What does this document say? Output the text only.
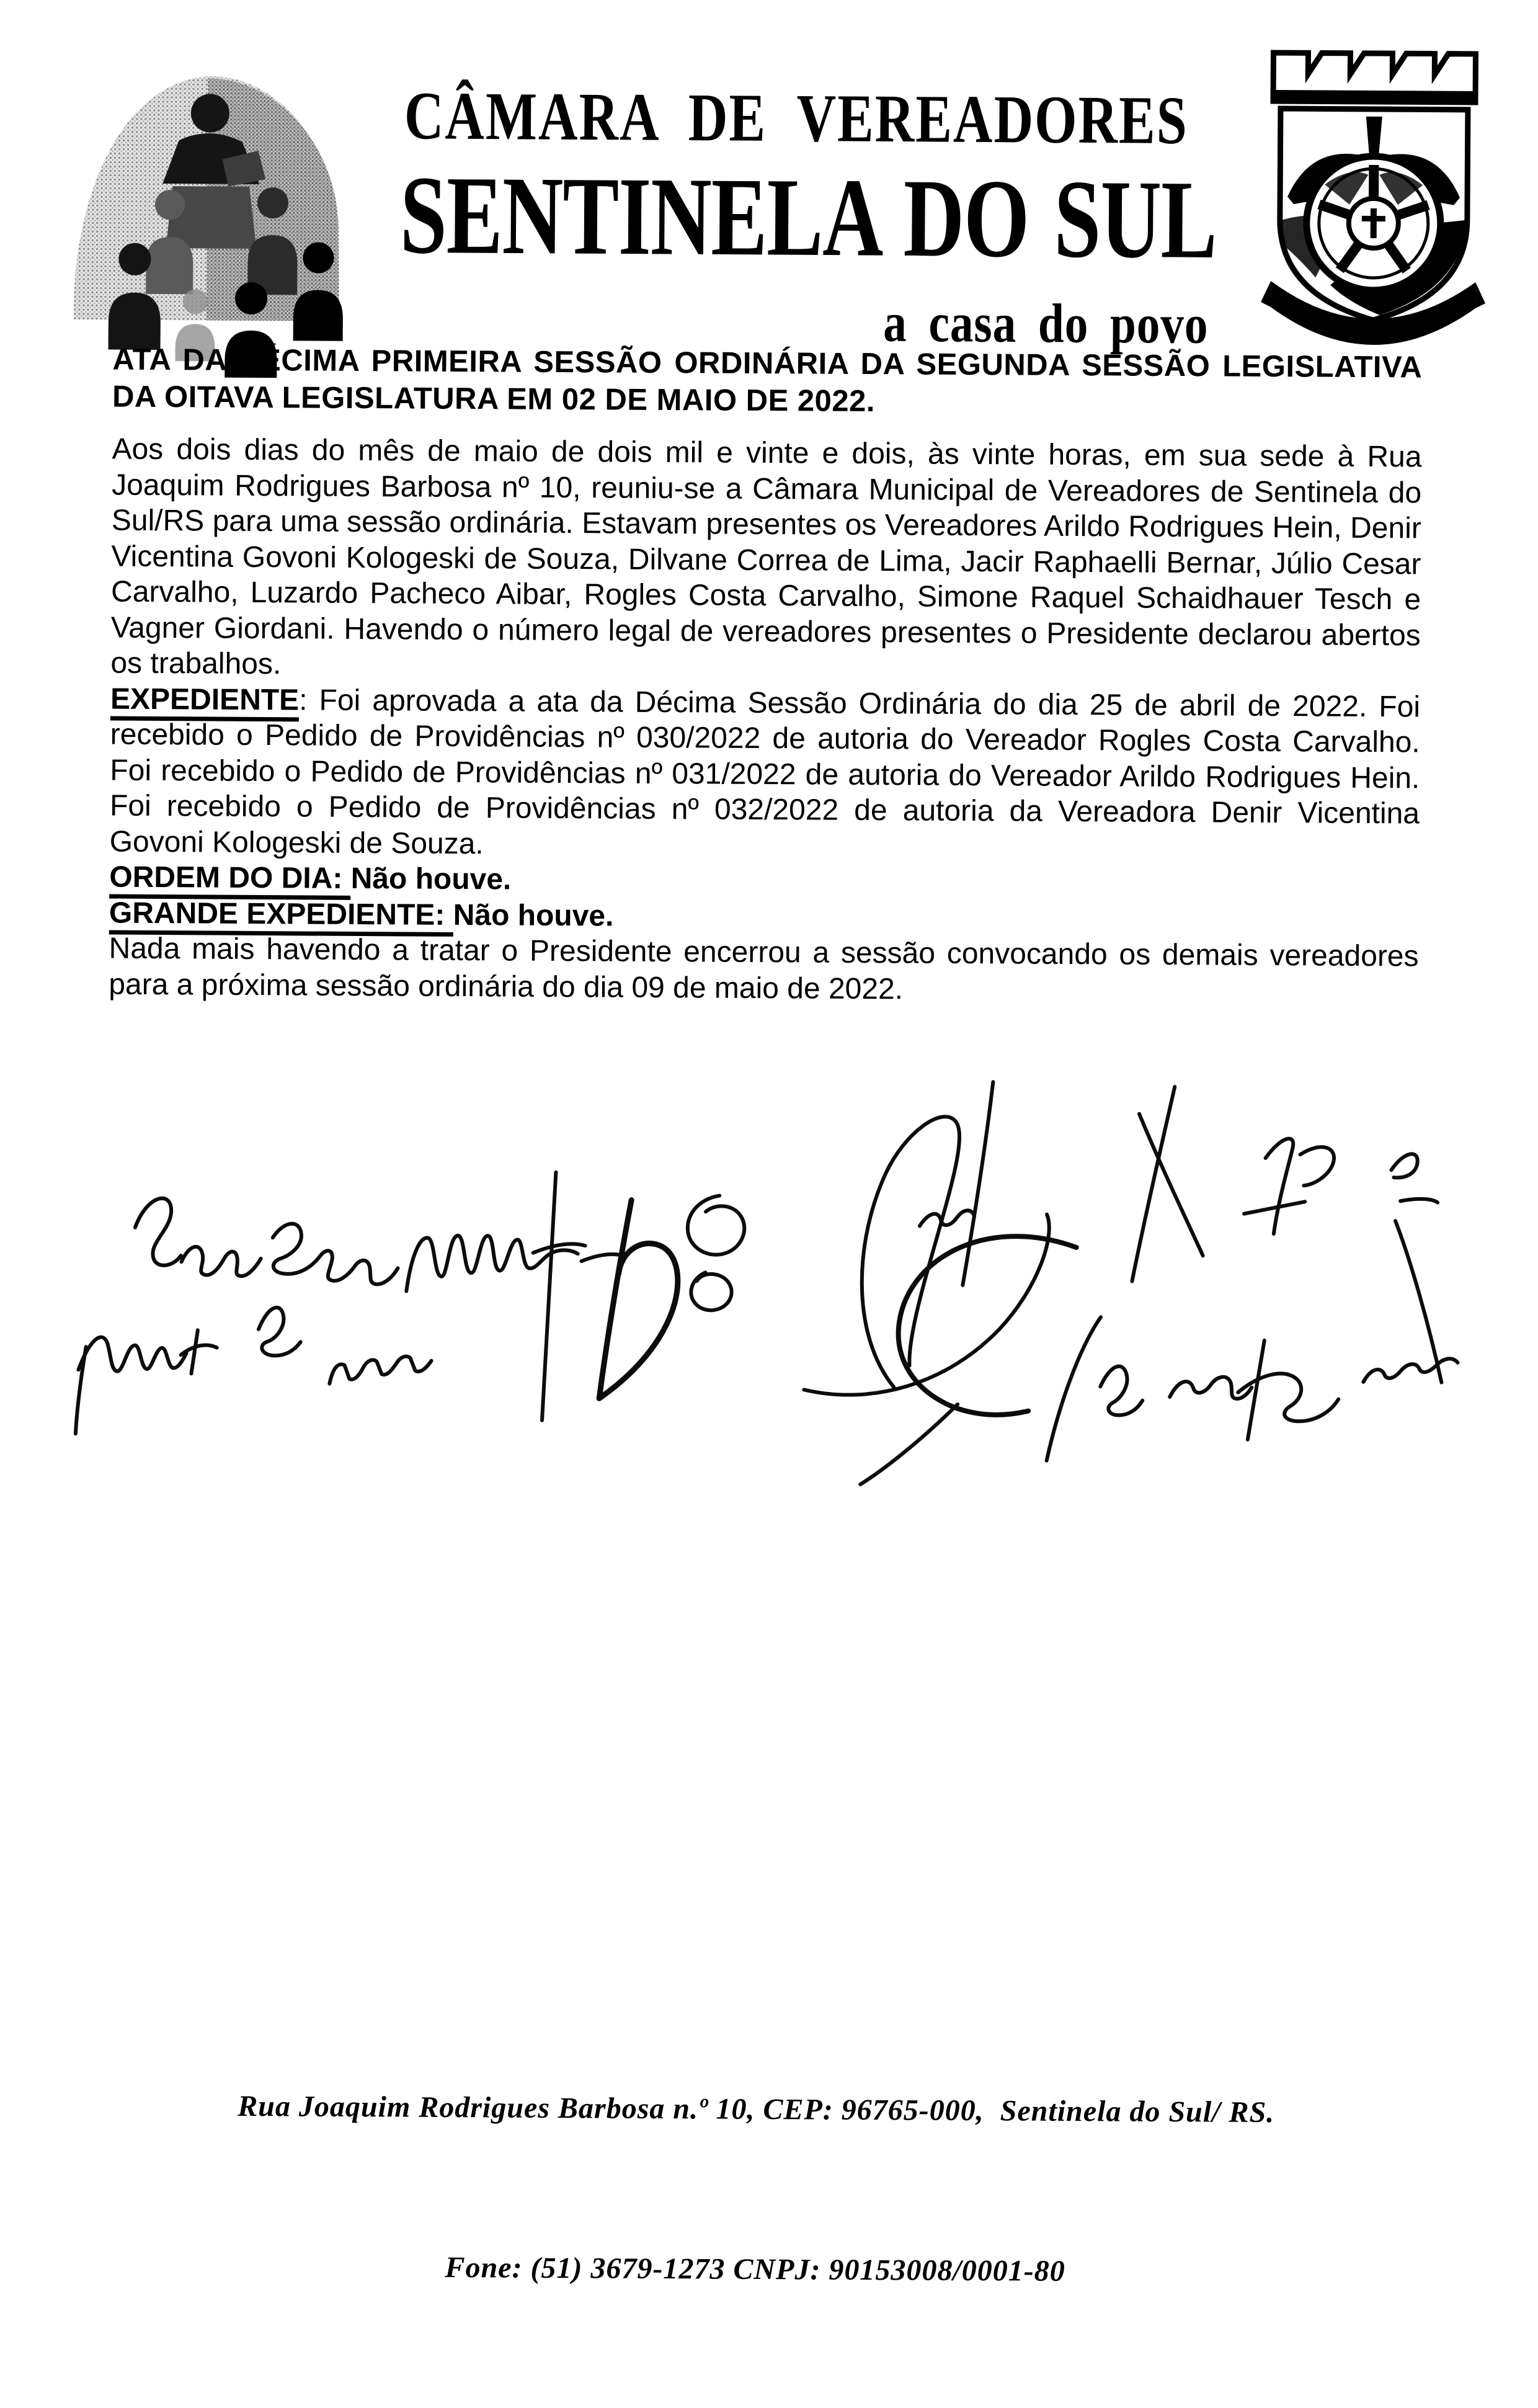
CÂMARA DE VEREADORES
SENTINELA DO SUL
a casa do povo

ATA DA DÉCIMA PRIMEIRA SESSÃO ORDINÁRIA DA SEGUNDA SESSÃO LEGISLATIVA DA OITAVA LEGISLATURA EM 02 DE MAIO DE 2022.

Aos dois dias do mês de maio de dois mil e vinte e dois, às vinte horas, em sua sede à Rua Joaquim Rodrigues Barbosa nº 10, reuniu-se a Câmara Municipal de Vereadores de Sentinela do Sul/RS para uma sessão ordinária. Estavam presentes os Vereadores Arildo Rodrigues Hein, Denir Vicentina Govoni Kologeski de Souza, Dilvane Correa de Lima, Jacir Raphaelli Bernar, Júlio Cesar Carvalho, Luzardo Pacheco Aibar, Rogles Costa Carvalho, Simone Raquel Schaidhauer Tesch e Vagner Giordani. Havendo o número legal de vereadores presentes o Presidente declarou abertos os trabalhos.

EXPEDIENTE: Foi aprovada a ata da Décima Sessão Ordinária do dia 25 de abril de 2022. Foi recebido o Pedido de Providências nº 030/2022 de autoria do Vereador Rogles Costa Carvalho. Foi recebido o Pedido de Providências nº 031/2022 de autoria do Vereador Arildo Rodrigues Hein. Foi recebido o Pedido de Providências nº 032/2022 de autoria da Vereadora Denir Vicentina Govoni Kologeski de Souza.

ORDEM DO DIA: Não houve.

GRANDE EXPEDIENTE: Não houve.

Nada mais havendo a tratar o Presidente encerrou a sessão convocando os demais vereadores para a próxima sessão ordinária do dia 09 de maio de 2022.

Rua Joaquim Rodrigues Barbosa n.º 10, CEP: 96765-000,  Sentinela do Sul/ RS.

Fone: (51) 3679-1273 CNPJ: 90153008/0001-80
